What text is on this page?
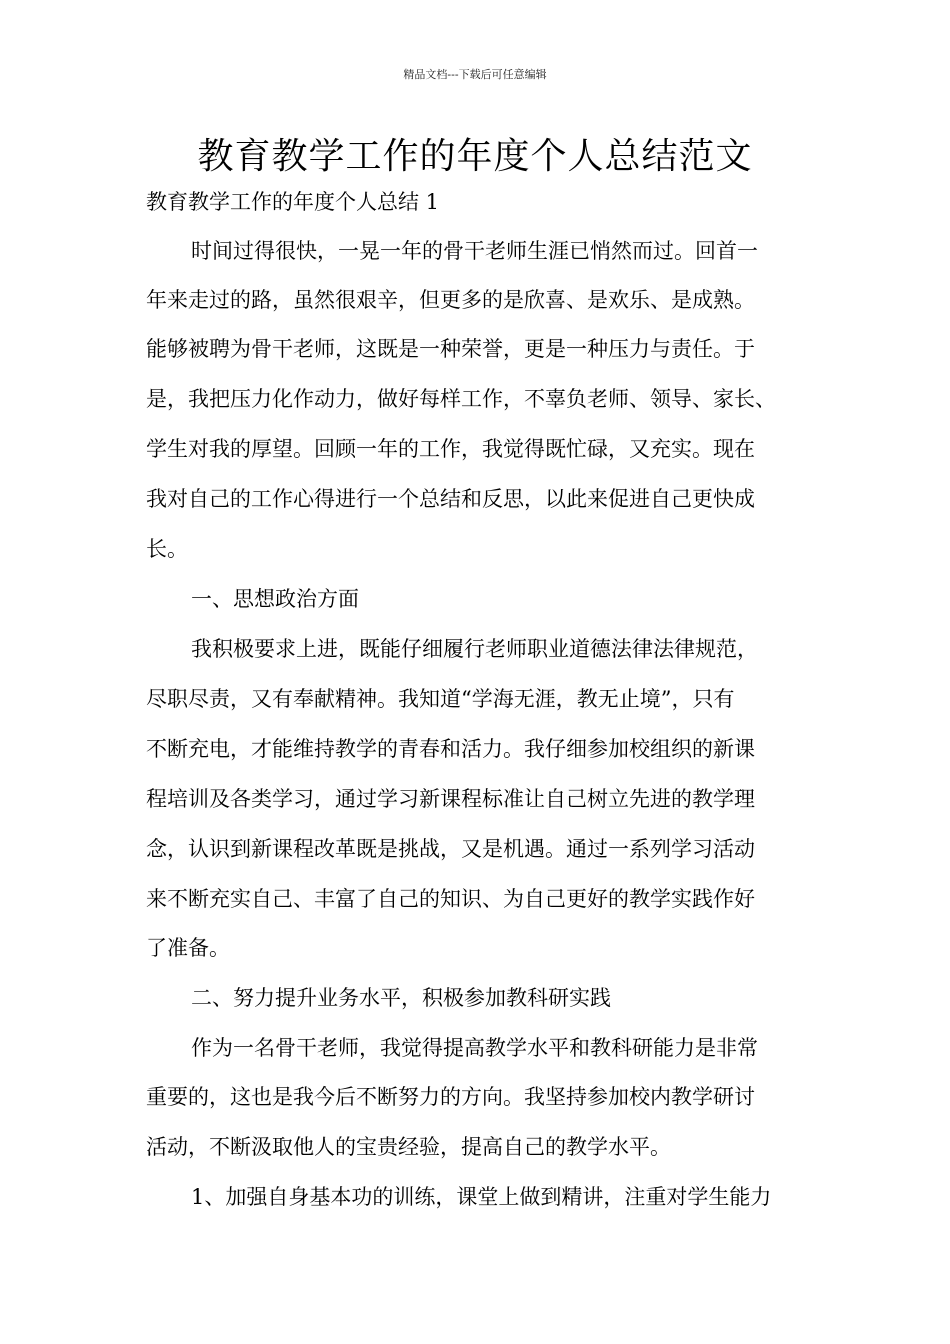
精品文档---下载后可任意编辑
教育教学工作的年度个人总结范文
教育教学工作的年度个人总结 1
时间过得很快，一晃一年的骨干老师生涯已悄然而过。回首一
年来走过的路，虽然很艰辛，但更多的是欣喜、是欢乐、是成熟。
能够被聘为骨干老师，这既是一种荣誉，更是一种压力与责任。于
是，我把压力化作动力，做好每样工作，不辜负老师、领导、家长、
学生对我的厚望。回顾一年的工作，我觉得既忙碌，又充实。现在
我对自己的工作心得进行一个总结和反思，以此来促进自己更快成
长。
一、思想政治方面
我积极要求上进，既能仔细履行老师职业道德法律法律规范，
尽职尽责，又有奉献精神。我知道“学海无涯，教无止境”，只有
不断充电，才能维持教学的青春和活力。我仔细参加校组织的新课
程培训及各类学习，通过学习新课程标准让自己树立先进的教学理
念，认识到新课程改革既是挑战，又是机遇。通过一系列学习活动
来不断充实自己、丰富了自己的知识、为自己更好的教学实践作好
了准备。
二、努力提升业务水平，积极参加教科研实践
作为一名骨干老师，我觉得提高教学水平和教科研能力是非常
重要的，这也是我今后不断努力的方向。我坚持参加校内教学研讨
活动，不断汲取他人的宝贵经验，提高自己的教学水平。
1、加强自身基本功的训练，课堂上做到精讲，注重对学生能力
